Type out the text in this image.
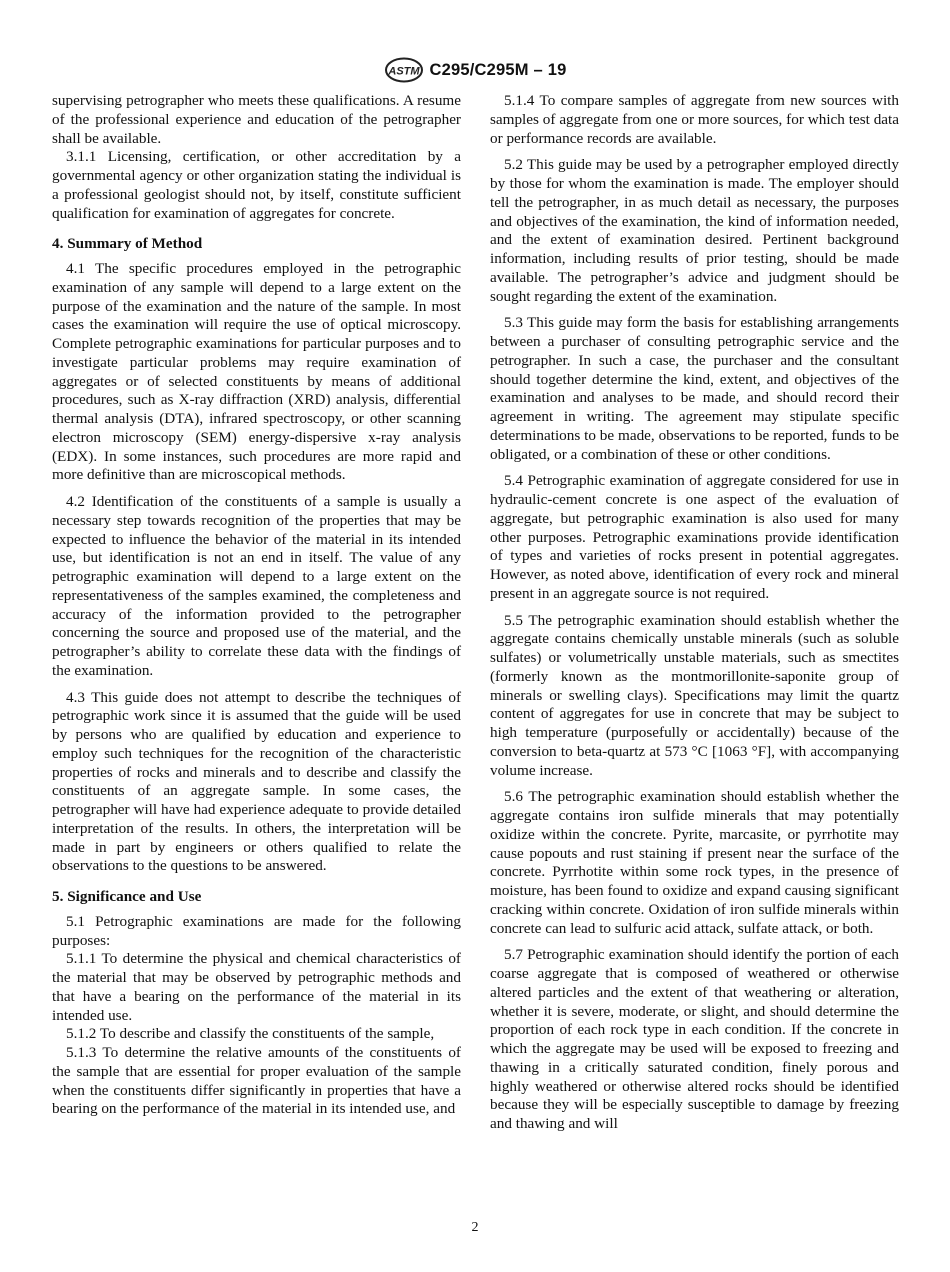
ASTM C295/C295M – 19

supervising petrographer who meets these qualifications. A resume of the professional experience and education of the petrographer shall be available.

3.1.1 Licensing, certification, or other accreditation by a governmental agency or other organization stating the individual is a professional geologist should not, by itself, constitute sufficient qualification for examination of aggregates for concrete.

4. Summary of Method

4.1 The specific procedures employed in the petrographic examination of any sample will depend to a large extent on the purpose of the examination and the nature of the sample. In most cases the examination will require the use of optical microscopy. Complete petrographic examinations for particular purposes and to investigate particular problems may require examination of aggregates or of selected constituents by means of additional procedures, such as X-ray diffraction (XRD) analysis, differential thermal analysis (DTA), infrared spectroscopy, or other scanning electron microscopy (SEM) energy-dispersive x-ray analysis (EDX). In some instances, such procedures are more rapid and more definitive than are microscopical methods.

4.2 Identification of the constituents of a sample is usually a necessary step towards recognition of the properties that may be expected to influence the behavior of the material in its intended use, but identification is not an end in itself. The value of any petrographic examination will depend to a large extent on the representativeness of the samples examined, the completeness and accuracy of the information provided to the petrographer concerning the source and proposed use of the material, and the petrographer’s ability to correlate these data with the findings of the examination.

4.3 This guide does not attempt to describe the techniques of petrographic work since it is assumed that the guide will be used by persons who are qualified by education and experience to employ such techniques for the recognition of the characteristic properties of rocks and minerals and to describe and classify the constituents of an aggregate sample. In some cases, the petrographer will have had experience adequate to provide detailed interpretation of the results. In others, the interpretation will be made in part by engineers or others qualified to relate the observations to the questions to be answered.

5. Significance and Use

5.1 Petrographic examinations are made for the following purposes:

5.1.1 To determine the physical and chemical characteristics of the material that may be observed by petrographic methods and that have a bearing on the performance of the material in its intended use.

5.1.2 To describe and classify the constituents of the sample,

5.1.3 To determine the relative amounts of the constituents of the sample that are essential for proper evaluation of the sample when the constituents differ significantly in properties that have a bearing on the performance of the material in its intended use, and

5.1.4 To compare samples of aggregate from new sources with samples of aggregate from one or more sources, for which test data or performance records are available.

5.2 This guide may be used by a petrographer employed directly by those for whom the examination is made. The employer should tell the petrographer, in as much detail as necessary, the purposes and objectives of the examination, the kind of information needed, and the extent of examination desired. Pertinent background information, including results of prior testing, should be made available. The petrographer’s advice and judgment should be sought regarding the extent of the examination.

5.3 This guide may form the basis for establishing arrangements between a purchaser of consulting petrographic service and the petrographer. In such a case, the purchaser and the consultant should together determine the kind, extent, and objectives of the examination and analyses to be made, and should record their agreement in writing. The agreement may stipulate specific determinations to be made, observations to be reported, funds to be obligated, or a combination of these or other conditions.

5.4 Petrographic examination of aggregate considered for use in hydraulic-cement concrete is one aspect of the evaluation of aggregate, but petrographic examination is also used for many other purposes. Petrographic examinations provide identification of types and varieties of rocks present in potential aggregates. However, as noted above, identification of every rock and mineral present in an aggregate source is not required.

5.5 The petrographic examination should establish whether the aggregate contains chemically unstable minerals (such as soluble sulfates) or volumetrically unstable materials, such as smectites (formerly known as the montmorillonite-saponite group of minerals or swelling clays). Specifications may limit the quartz content of aggregates for use in concrete that may be subject to high temperature (purposefully or accidentally) because of the conversion to beta-quartz at 573 °C [1063 °F], with accompanying volume increase.

5.6 The petrographic examination should establish whether the aggregate contains iron sulfide minerals that may potentially oxidize within the concrete. Pyrite, marcasite, or pyrrhotite may cause popouts and rust staining if present near the surface of the concrete. Pyrrhotite within some rock types, in the presence of moisture, has been found to oxidize and expand causing significant cracking within concrete. Oxidation of iron sulfide minerals within concrete can lead to sulfuric acid attack, sulfate attack, or both.

5.7 Petrographic examination should identify the portion of each coarse aggregate that is composed of weathered or otherwise altered particles and the extent of that weathering or alteration, whether it is severe, moderate, or slight, and should determine the proportion of each rock type in each condition. If the concrete in which the aggregate may be used will be exposed to freezing and thawing in a critically saturated condition, finely porous and highly weathered or otherwise altered rocks should be identified because they will be especially susceptible to damage by freezing and thawing and will

2
